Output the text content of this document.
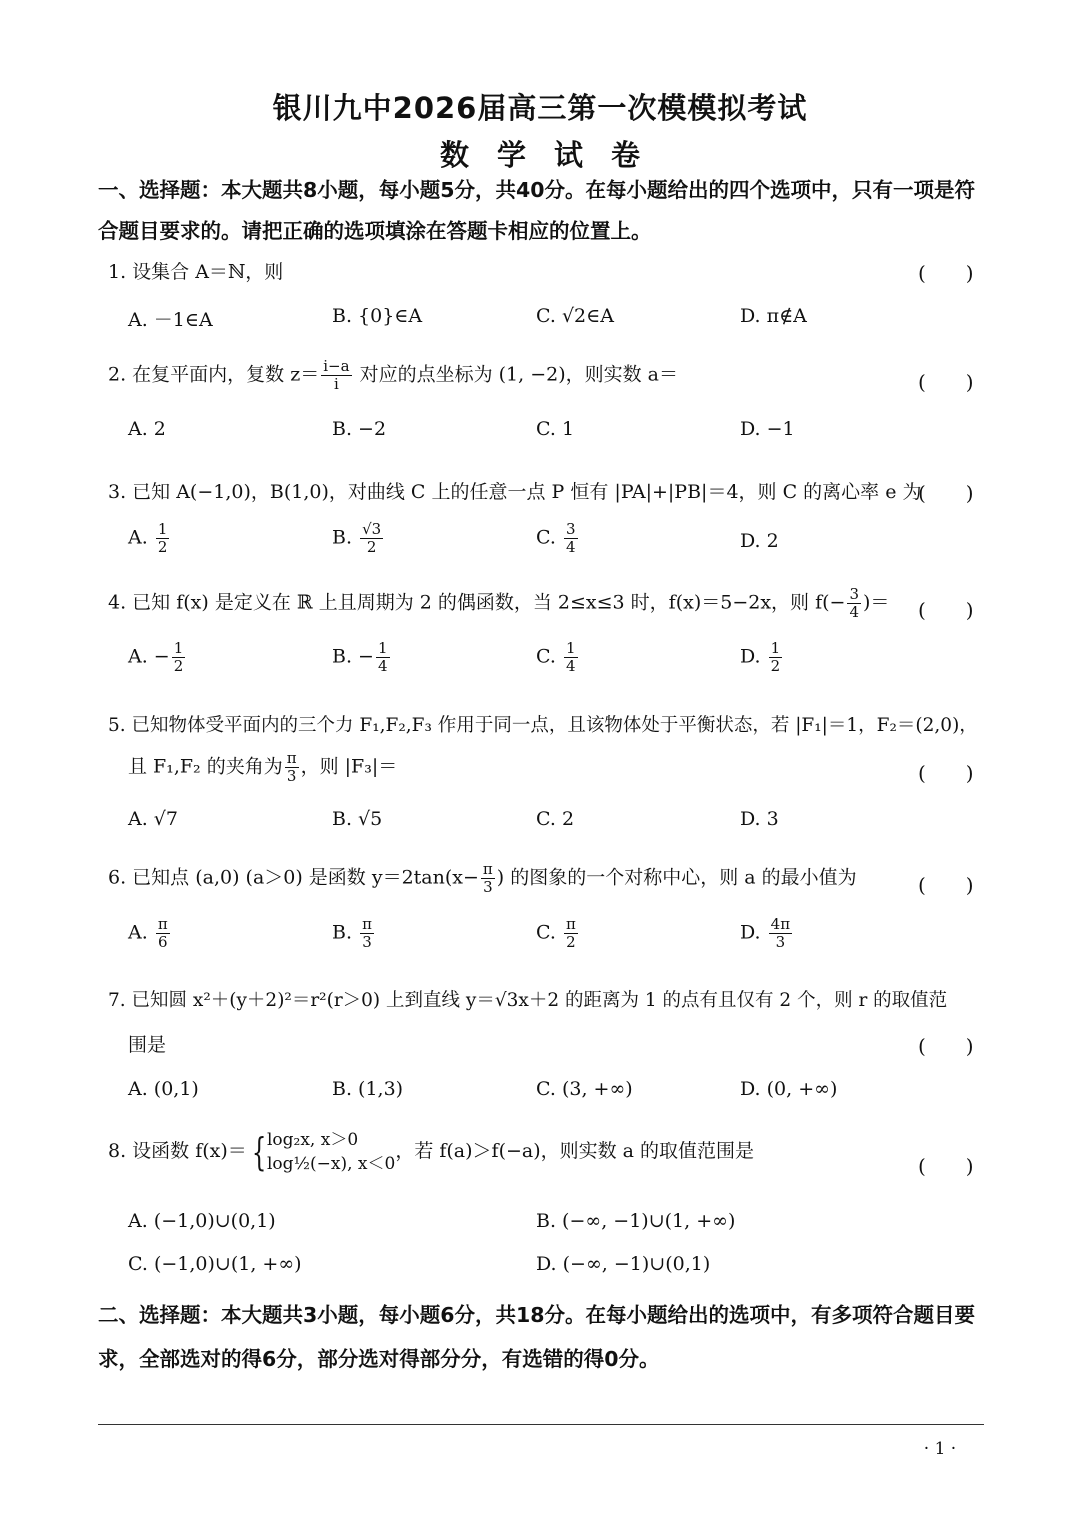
银川九中2026届高三第一次模模拟考试
数学试卷
一、选择题：本大题共8小题，每小题5分，共40分。在每小题给出的四个选项中，只有一项是符合题目要求的。请把正确的选项填涂在答题卡相应的位置上。
1. 设集合 A＝ℕ，则	(　　)
A. －1∈A	B. {0}∈A	C. √2∈A	D. π∉A
2. 在复平面内，复数 $z= \frac{i-a}{i}$ 对应的点坐标为 (1, −2)，则实数 a＝	(　　)
A. 2	B. −2	C. 1	D. −1
3. 已知 A(−1,0)，B(1,0)，对曲线 C 上的任意一点 P 恒有 |PA|+|PB|＝4，则 C 的离心率 e 为
(　　)
A. $\frac{1}{2}$	B. $\frac{√3}{2}$	C. $\frac{3}{4}$	D. 2
4. 已知 f(x) 是定义在 ℝ 上且周期为 2 的偶函数，当 2≤x≤3 时，f(x)＝5−2x，则 $f(- \frac{3}{4}$ )＝ (　　)
A. − $\frac{1}{2}$	B. − $\frac{1}{4}$	C. $\frac{1}{4}$	D. $\frac{1}{2}$
5. 已知物体受平面内的三个力 F₁,F₂,F₃ 作用于同一点，且该物体处于平衡状态，若 |F₁|＝1，F₂＝(2,0)，
且 F₁,F₂ 的夹角为 $\frac{\pi}{3}$ ，则 |F₃|＝	(　　)
A. √7	B. √5	C. 2	D. 3
6. 已知点 (a,0) (a＞0) 是函数 $y=2\tan(x- \frac{\pi}{3}$ ) 的图象的一个对称中心，则 a 的最小值为	(　　)
A. $\frac{\pi}{6}$	B. $\frac{\pi}{3}$	C. $\frac{\pi}{2}$	D. $\frac{4\pi}{3}$
7. 已知圆 x²＋(y＋2)²＝r²(r＞0) 上到直线 y＝√3x＋2 的距离为 1 的点有且仅有 2 个，则 r 的取值范
围是	(　　)
A. (0,1)	B. (1,3)	C. (3, +∞)	D. (0, +∞)
8. 设函数 f(x)＝ { log₂x, x＞0
log½(−x), x＜0
，若 f(a)＞f(−a)，则实数 a 的取值范围是
(　　)
A. (−1,0)∪(0,1)	B. (−∞, −1)∪(1, +∞)
C. (−1,0)∪(1, +∞)	D. (−∞, −1)∪(0,1)
二、选择题：本大题共3小题，每小题6分，共18分。在每小题给出的选项中，有多项符合题目要求，全部选对的得6分，部分选对得部分分，有选错的得0分。
· 1 ·
